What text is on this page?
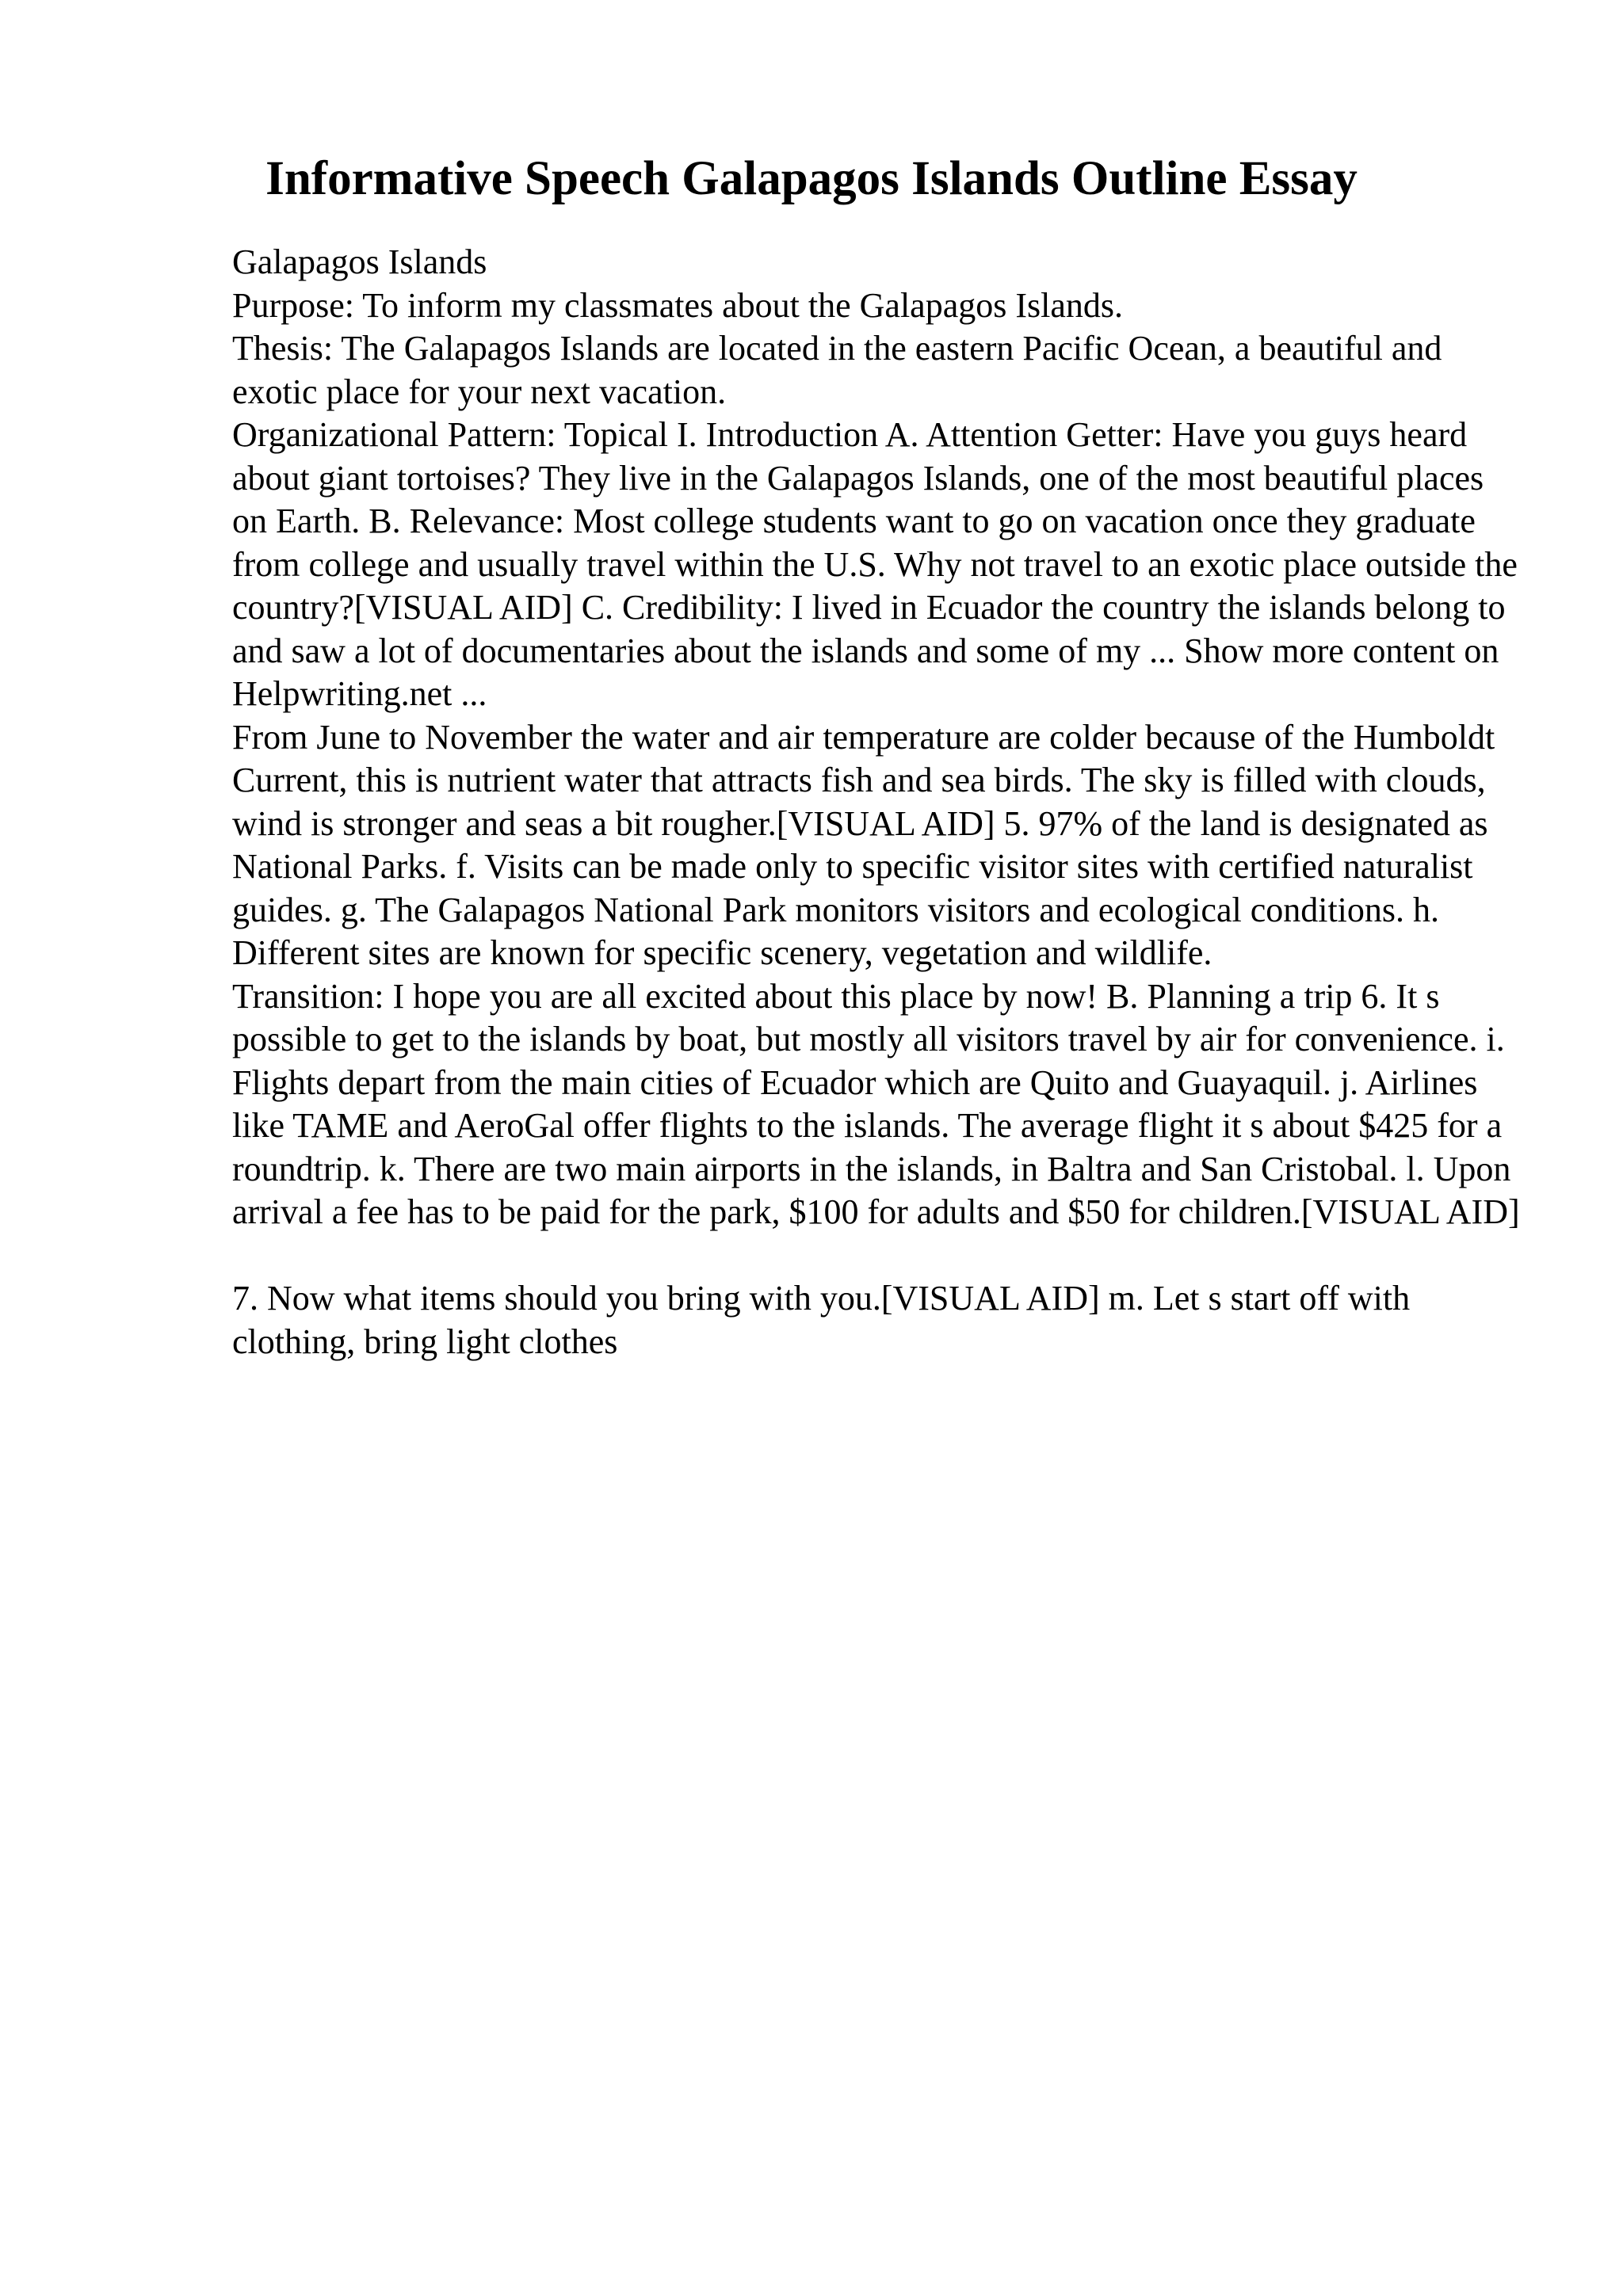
Informative Speech Galapagos Islands Outline Essay

Galapagos Islands

Purpose: To inform my classmates about the Galapagos Islands.

Thesis: The Galapagos Islands are located in the eastern Pacific Ocean, a beautiful and exotic place for your next vacation.

Organizational Pattern: Topical I. Introduction A. Attention Getter: Have you guys heard about giant tortoises? They live in the Galapagos Islands, one of the most beautiful places on Earth. B. Relevance: Most college students want to go on vacation once they graduate from college and usually travel within the U.S. Why not travel to an exotic place outside the country?[VISUAL AID] C. Credibility: I lived in Ecuador the country the islands belong to and saw a lot of documentaries about the islands and some of my ... Show more content on Helpwriting.net ...

From June to November the water and air temperature are colder because of the Humboldt Current, this is nutrient water that attracts fish and sea birds. The sky is filled with clouds, wind is stronger and seas a bit rougher.[VISUAL AID] 5. 97% of the land is designated as National Parks. f. Visits can be made only to specific visitor sites with certified naturalist guides. g. The Galapagos National Park monitors visitors and ecological conditions. h. Different sites are known for specific scenery, vegetation and wildlife.

Transition: I hope you are all excited about this place by now! B. Planning a trip 6. It s possible to get to the islands by boat, but mostly all visitors travel by air for convenience. i. Flights depart from the main cities of Ecuador which are Quito and Guayaquil. j. Airlines like TAME and AeroGal offer flights to the islands. The average flight it s about $425 for a roundtrip. k. There are two main airports in the islands, in Baltra and San Cristobal. l. Upon arrival a fee has to be paid for the park, $100 for adults and $50 for children.[VISUAL AID]

7. Now what items should you bring with you.[VISUAL AID] m. Let s start off with clothing, bring light clothes
